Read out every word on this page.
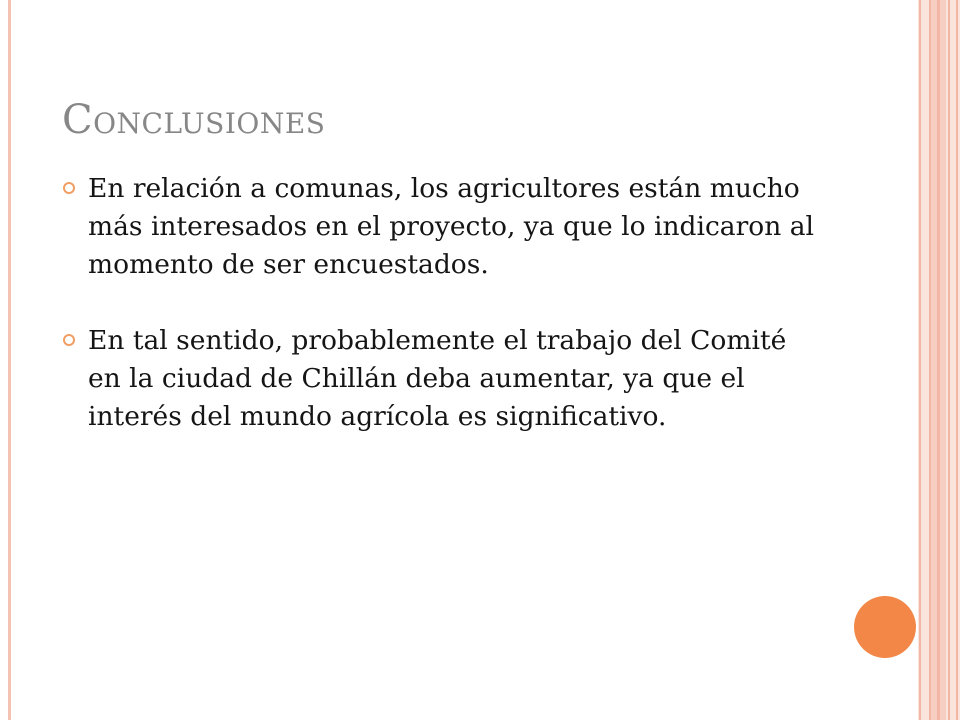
Conclusiones
En relación a comunas, los agricultores están mucho más interesados en el proyecto, ya que lo indicaron al momento de ser encuestados.
En tal sentido, probablemente el trabajo del Comité en la ciudad de Chillán deba aumentar, ya que el interés del mundo agrícola es significativo.
